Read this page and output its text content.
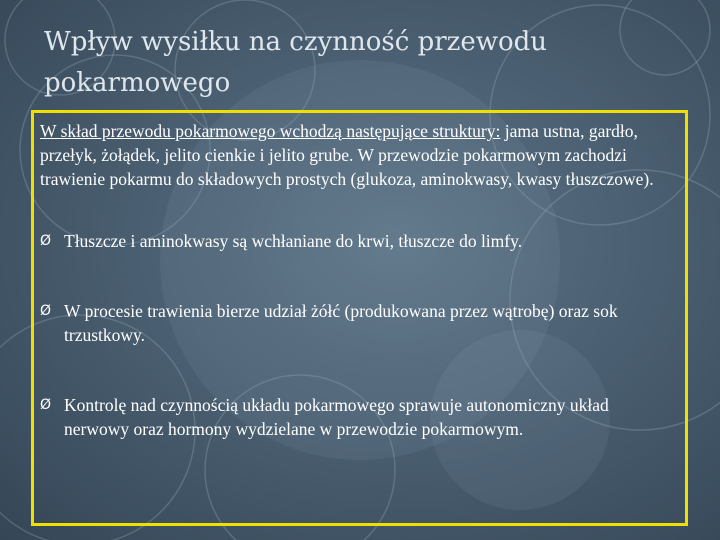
Wpływ wysiłku na czynność przewodu pokarmowego

W skład przewodu pokarmowego wchodzą następujące struktury: jama ustna, gardło, przełyk, żołądek, jelito cienkie i jelito grube. W przewodzie pokarmowym zachodzi trawienie pokarmu do składowych prostych (glukoza, aminokwasy, kwasy tłuszczowe).

Ø Tłuszcze i aminokwasy są wchłaniane do krwi, tłuszcze do limfy.
Ø W procesie trawienia bierze udział żółć (produkowana przez wątrobę) oraz sok trzustkowy.
Ø Kontrolę nad czynnością układu pokarmowego sprawuje autonomiczny układ nerwowy oraz hormony wydzielane w przewodzie pokarmowym.
